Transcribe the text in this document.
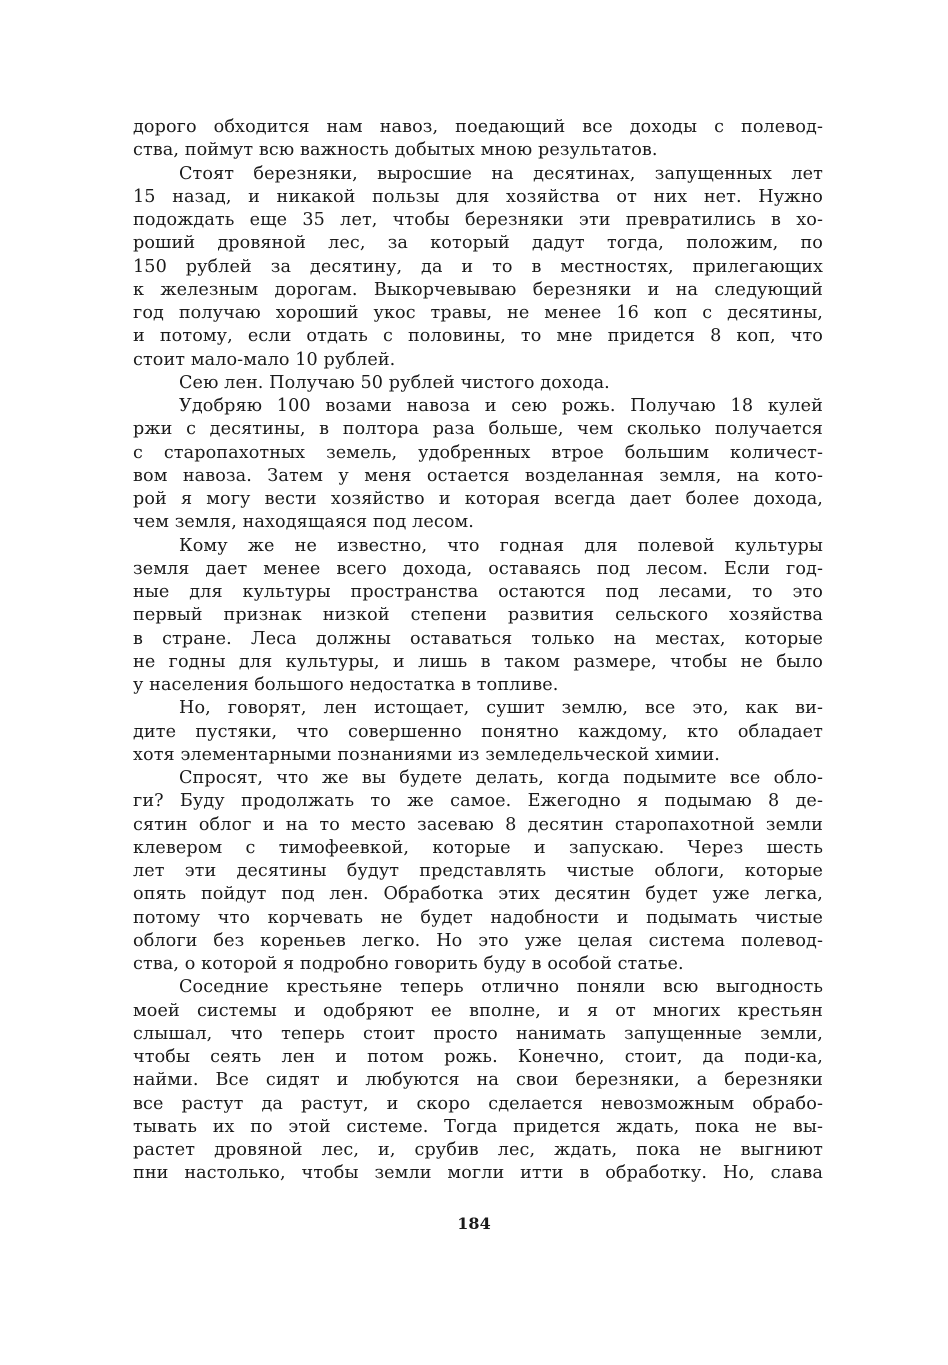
дорого обходится нам навоз, поедающий все доходы с полевод-
ства, поймут всю важность добытых мною результатов.
Стоят березняки, выросшие на десятинах, запущенных лет
15 назад, и никакой пользы для хозяйства от них нет. Нужно
подождать еще 35 лет, чтобы березняки эти превратились в хо-
роший дровяной лес, за который дадут тогда, положим, по
150 рублей за десятину, да и то в местностях, прилегающих
к железным дорогам. Выкорчевываю березняки и на следующий
год получаю хороший укос травы, не менее 16 коп с десятины,
и потому, если отдать с половины, то мне придется 8 коп, что
стоит мало-мало 10 рублей.
Сею лен. Получаю 50 рублей чистого дохода.
Удобряю 100 возами навоза и сею рожь. Получаю 18 кулей
ржи с десятины, в полтора раза больше, чем сколько получается
с старопахотных земель, удобренных втрое большим количест-
вом навоза. Затем у меня остается возделанная земля, на кото-
рой я могу вести хозяйство и которая всегда дает более дохода,
чем земля, находящаяся под лесом.
Кому же не известно, что годная для полевой культуры
земля дает менее всего дохода, оставаясь под лесом. Если год-
ные для культуры пространства остаются под лесами, то это
первый признак низкой степени развития сельского хозяйства
в стране. Леса должны оставаться только на местах, которые
не годны для культуры, и лишь в таком размере, чтобы не было
у населения большого недостатка в топливе.
Но, говорят, лен истощает, сушит землю, все это, как ви-
дите пустяки, что совершенно понятно каждому, кто обладает
хотя элементарными познаниями из земледельческой химии.
Спросят, что же вы будете делать, когда подымите все обло-
ги? Буду продолжать то же самое. Ежегодно я подымаю 8 де-
сятин облог и на то место засеваю 8 десятин старопахотной земли
клевером с тимофеевкой, которые и запускаю. Через шесть
лет эти десятины будут представлять чистые облоги, которые
опять пойдут под лен. Обработка этих десятин будет уже легка,
потому что корчевать не будет надобности и подымать чистые
облоги без кореньев легко. Но это уже целая система полевод-
ства, о которой я подробно говорить буду в особой статье.
Соседние крестьяне теперь отлично поняли всю выгодность
моей системы и одобряют ее вполне, и я от многих крестьян
слышал, что теперь стоит просто нанимать запущенные земли,
чтобы сеять лен и потом рожь. Конечно, стоит, да поди-ка,
найми. Все сидят и любуются на свои березняки, а березняки
все растут да растут, и скоро сделается невозможным обрабо-
тывать их по этой системе. Тогда придется ждать, пока не вы-
растет дровяной лес, и, срубив лес, ждать, пока не выгниют
пни настолько, чтобы земли могли итти в обработку. Но, слава
184
